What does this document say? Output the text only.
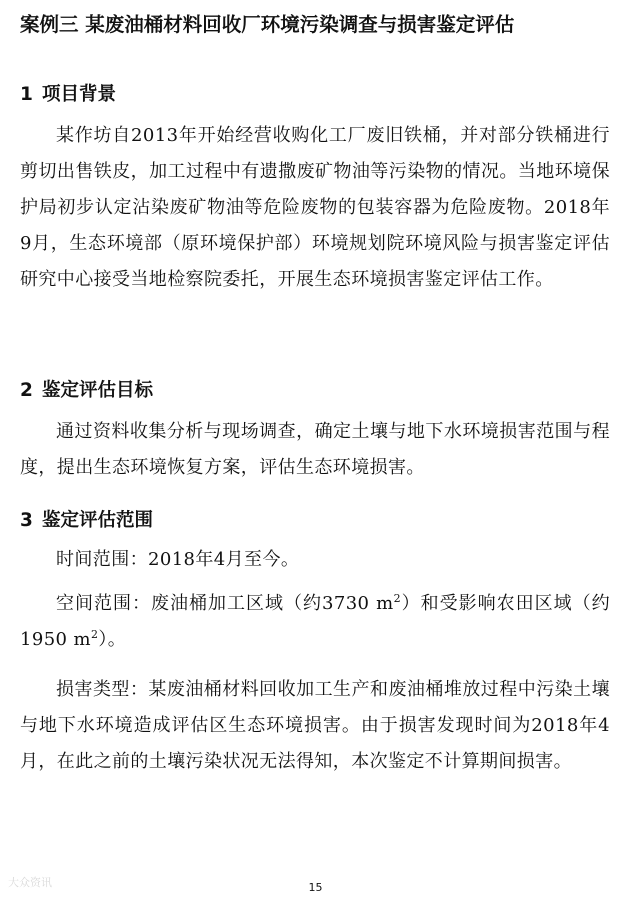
案例三 某废油桶材料回收厂环境污染调查与损害鉴定评估
1 项目背景
某作坊自2013年开始经营收购化工厂废旧铁桶，并对部分铁桶进行剪切出售铁皮，加工过程中有遗撒废矿物油等污染物的情况。当地环境保护局初步认定沾染废矿物油等危险废物的包装容器为危险废物。2018年9月，生态环境部（原环境保护部）环境规划院环境风险与损害鉴定评估研究中心接受当地检察院委托，开展生态环境损害鉴定评估工作。
2 鉴定评估目标
通过资料收集分析与现场调查，确定土壤与地下水环境损害范围与程度，提出生态环境恢复方案，评估生态环境损害。
3 鉴定评估范围
时间范围：2018年4月至今。
空间范围：废油桶加工区域（约3730 $m^2$）和受影响农田区域（约1950 $m^2$）。
损害类型：某废油桶材料回收加工生产和废油桶堆放过程中污染土壤与地下水环境造成评估区生态环境损害。由于损害发现时间为2018年4月，在此之前的土壤污染状况无法得知，本次鉴定不计算期间损害。
大众资讯	15
